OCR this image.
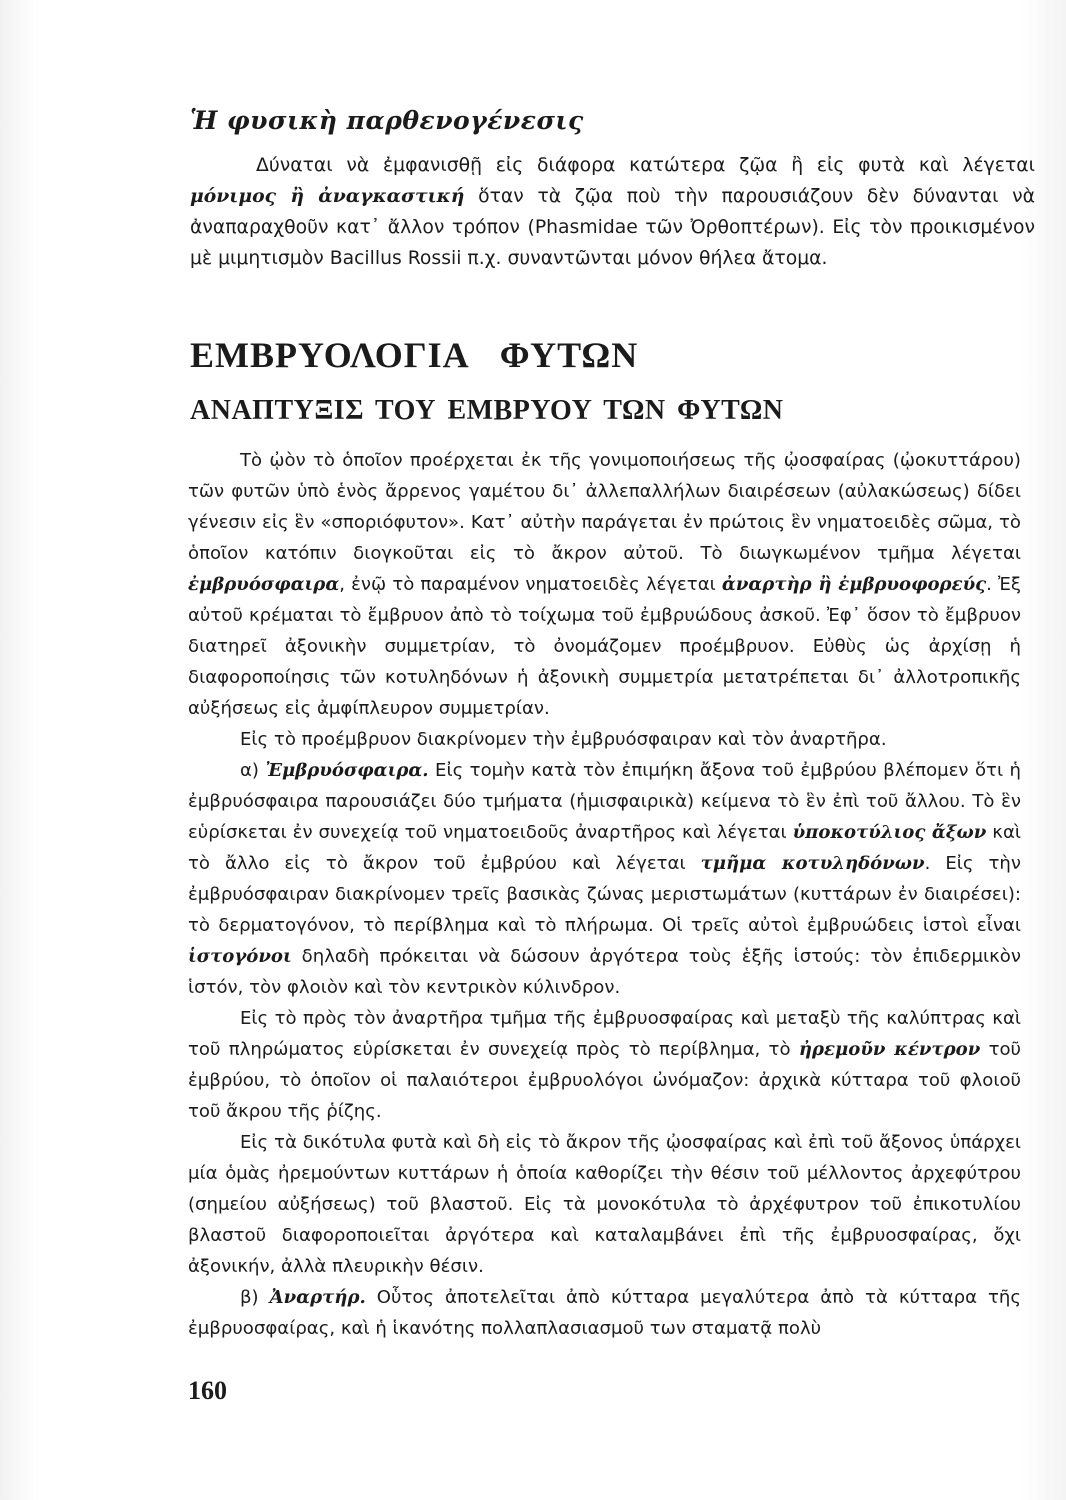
Ἡ φυσικὴ παρθενογένεσις

Δύναται νὰ ἐμφανισθῇ εἰς διάφορα κατώτερα ζῷα ἢ εἰς φυτὰ καὶ λέγεται μόνιμος ἢ ἀναγκαστική ὅταν τὰ ζῷα ποὺ τὴν παρουσιάζουν δὲν δύνανται νὰ ἀναπαραχθοῦν κατ᾽ ἄλλον τρόπον (Phasmidae τῶν Ὀρθοπτέρων). Εἰς τὸν προικισμένον μὲ μιμητισμὸν Bacillus Rossii π.χ. συναντῶνται μόνον θήλεα ἄτομα.

ΕΜΒΡΥΟΛΟΓΙΑ ΦΥΤΩΝ
ΑΝΑΠΤΥΞΙΣ ΤΟΥ ΕΜΒΡΥΟΥ ΤΩΝ ΦΥΤΩΝ

Τὸ ᾠὸν τὸ ὁποῖον προέρχεται ἐκ τῆς γονιμοποιήσεως τῆς ᾠοσφαίρας (ᾠοκυττάρου) τῶν φυτῶν ὑπὸ ἑνὸς ἄρρενος γαμέτου δι᾽ ἀλλεπαλλήλων διαιρέσεων (αὐλακώσεως) δίδει γένεσιν εἰς ἓν «σποριόφυτον». Κατ᾽ αὐτὴν παράγεται ἐν πρώτοις ἓν νηματοειδὲς σῶμα, τὸ ὁποῖον κατόπιν διογκοῦται εἰς τὸ ἄκρον αὐτοῦ. Τὸ διωγκωμένον τμῆμα λέγεται ἐμβρυόσφαιρα, ἐνῷ τὸ παραμένον νηματοειδὲς λέγεται ἀναρτὴρ ἢ ἐμβρυοφορεύς. Ἐξ αὐτοῦ κρέμαται τὸ ἔμβρυον ἀπὸ τὸ τοίχωμα τοῦ ἐμβρυώδους ἀσκοῦ. Ἐφ᾽ ὅσον τὸ ἔμβρυον διατηρεῖ ἀξονικὴν συμμετρίαν, τὸ ὀνομάζομεν προέμβρυον. Εὐθὺς ὡς ἀρχίσῃ ἡ διαφοροποίησις τῶν κοτυληδόνων ἡ ἀξονικὴ συμμετρία μετατρέπεται δι᾽ ἀλλοτροπικῆς αὐξήσεως εἰς ἀμφίπλευρον συμμετρίαν.

Εἰς τὸ προέμβρυον διακρίνομεν τὴν ἐμβρυόσφαιραν καὶ τὸν ἀναρτῆρα.

α) Ἐμβρυόσφαιρα. Εἰς τομὴν κατὰ τὸν ἐπιμήκη ἄξονα τοῦ ἐμβρύου βλέπομεν ὅτι ἡ ἐμβρυόσφαιρα παρουσιάζει δύο τμήματα (ἡμισφαιρικὰ) κείμενα τὸ ἓν ἐπὶ τοῦ ἄλλου. Τὸ ἓν εὑρίσκεται ἐν συνεχείᾳ τοῦ νηματοειδοῦς ἀναρτῆρος καὶ λέγεται ὑποκοτύλιος ἄξων καὶ τὸ ἄλλο εἰς τὸ ἄκρον τοῦ ἐμβρύου καὶ λέγεται τμῆμα κοτυληδόνων. Εἰς τὴν ἐμβρυόσφαιραν διακρίνομεν τρεῖς βασικὰς ζώνας μεριστωμάτων (κυττάρων ἐν διαιρέσει): τὸ δερματογόνον, τὸ περίβλημα καὶ τὸ πλήρωμα. Οἱ τρεῖς αὐτοὶ ἐμβρυώδεις ἱστοὶ εἶναι ἱστογόνοι δηλαδὴ πρόκειται νὰ δώσουν ἀργότερα τοὺς ἑξῆς ἱστούς: τὸν ἐπιδερμικὸν ἱστόν, τὸν φλοιὸν καὶ τὸν κεντρικὸν κύλινδρον.

Εἰς τὸ πρὸς τὸν ἀναρτῆρα τμῆμα τῆς ἐμβρυοσφαίρας καὶ μεταξὺ τῆς καλύπτρας καὶ τοῦ πληρώματος εὑρίσκεται ἐν συνεχείᾳ πρὸς τὸ περίβλημα, τὸ ἠρεμοῦν κέντρον τοῦ ἐμβρύου, τὸ ὁποῖον οἱ παλαιότεροι ἐμβρυολόγοι ὠνόμαζον: ἀρχικὰ κύτταρα τοῦ φλοιοῦ τοῦ ἄκρου τῆς ῥίζης.

Εἰς τὰ δικότυλα φυτὰ καὶ δὴ εἰς τὸ ἄκρον τῆς ᾠοσφαίρας καὶ ἐπὶ τοῦ ἄξονος ὑπάρχει μία ὁμὰς ἠρεμούντων κυττάρων ἡ ὁποία καθορίζει τὴν θέσιν τοῦ μέλλοντος ἀρχεφύτρου (σημείου αὐξήσεως) τοῦ βλαστοῦ. Εἰς τὰ μονοκότυλα τὸ ἀρχέφυτρον τοῦ ἐπικοτυλίου βλαστοῦ διαφοροποιεῖται ἀργότερα καὶ καταλαμβάνει ἐπὶ τῆς ἐμβρυοσφαίρας, ὄχι ἀξονικήν, ἀλλὰ πλευρικὴν θέσιν.

β) Ἀναρτήρ. Οὗτος ἀποτελεῖται ἀπὸ κύτταρα μεγαλύτερα ἀπὸ τὰ κύτταρα τῆς ἐμβρυοσφαίρας, καὶ ἡ ἱκανότης πολλαπλασιασμοῦ των σταματᾷ πολὺ

160
